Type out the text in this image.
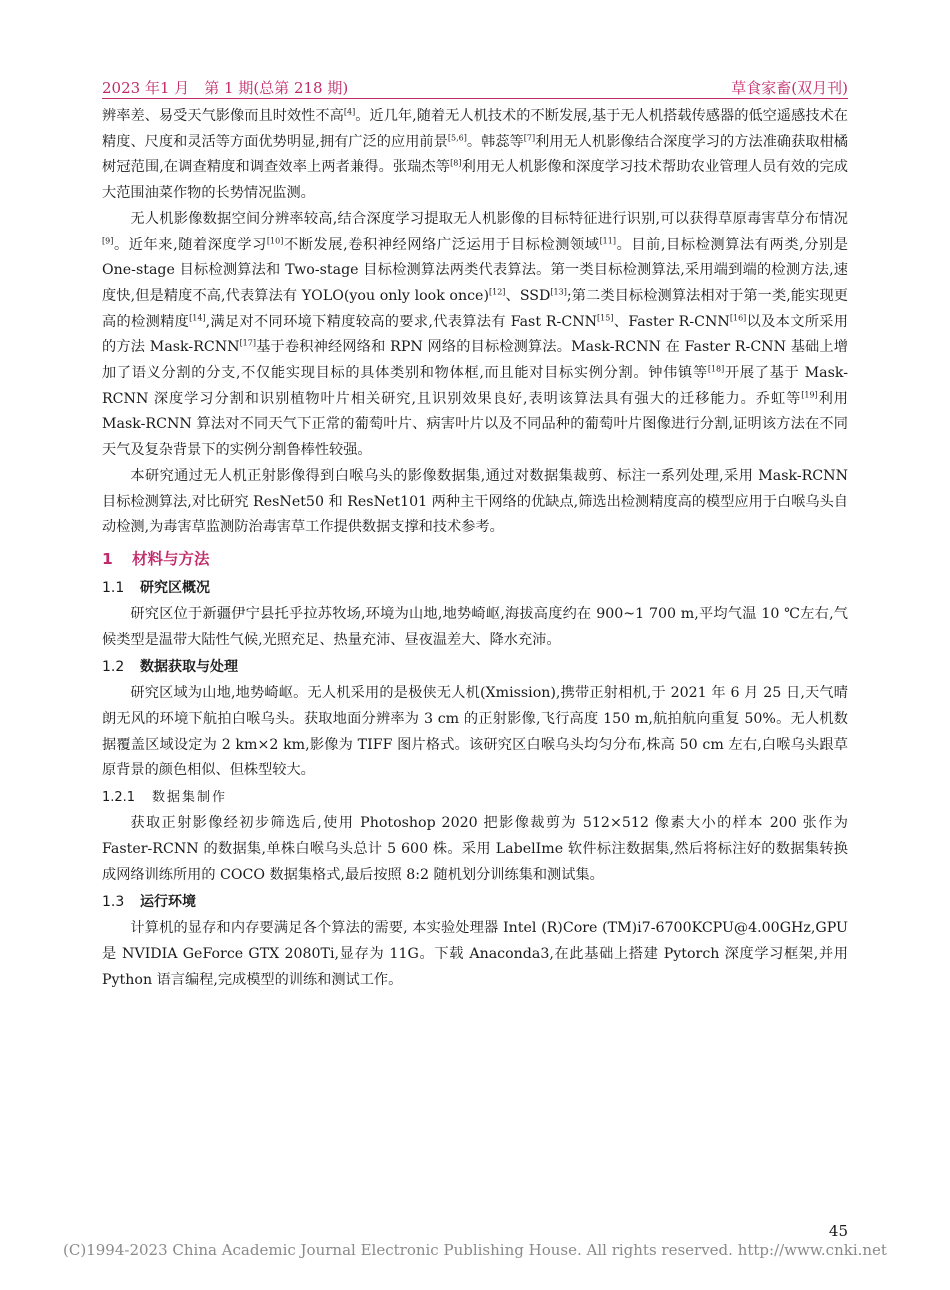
2023 年1 月　第 1 期(总第 218 期)	草食家畜(双月刊)

辨率差、易受天气影像而且时效性不高[4]。近几年,随着无人机技术的不断发展,基于无人机搭载传感器的低空遥感技术在精度、尺度和灵活等方面优势明显,拥有广泛的应用前景[5,6]。韩蕊等[7]利用无人机影像结合深度学习的方法准确获取柑橘树冠范围,在调查精度和调查效率上两者兼得。张瑞杰等[8]利用无人机影像和深度学习技术帮助农业管理人员有效的完成大范围油菜作物的长势情况监测。

无人机影像数据空间分辨率较高,结合深度学习提取无人机影像的目标特征进行识别,可以获得草原毒害草分布情况[9]。近年来,随着深度学习[10]不断发展,卷积神经网络广泛运用于目标检测领域[11]。目前,目标检测算法有两类,分别是 One-stage 目标检测算法和 Two-stage 目标检测算法两类代表算法。第一类目标检测算法,采用端到端的检测方法,速度快,但是精度不高,代表算法有 YOLO(you only look once)[12]、SSD[13];第二类目标检测算法相对于第一类,能实现更高的检测精度[14],满足对不同环境下精度较高的要求,代表算法有 Fast R-CNN[15]、Faster R-CNN[16]以及本文所采用的方法 Mask-RCNN[17]基于卷积神经网络和 RPN 网络的目标检测算法。Mask-RCNN 在 Faster R-CNN 基础上增加了语义分割的分支,不仅能实现目标的具体类别和物体框,而且能对目标实例分割。钟伟镇等[18]开展了基于 Mask-RCNN 深度学习分割和识别植物叶片相关研究,且识别效果良好,表明该算法具有强大的迁移能力。乔虹等[19]利用 Mask-RCNN 算法对不同天气下正常的葡萄叶片、病害叶片以及不同品种的葡萄叶片图像进行分割,证明该方法在不同天气及复杂背景下的实例分割鲁棒性较强。

本研究通过无人机正射影像得到白喉乌头的影像数据集,通过对数据集裁剪、标注一系列处理,采用 Mask-RCNN 目标检测算法,对比研究 ResNet50 和 ResNet101 两种主干网络的优缺点,筛选出检测精度高的模型应用于白喉乌头自动检测,为毒害草监测防治毒害草工作提供数据支撑和技术参考。

1 材料与方法
1.1 研究区概况

研究区位于新疆伊宁县托乎拉苏牧场,环境为山地,地势崎岖,海拔高度约在 900~1 700 m,平均气温 10 ℃左右,气候类型是温带大陆性气候,光照充足、热量充沛、昼夜温差大、降水充沛。

1.2 数据获取与处理

研究区域为山地,地势崎岖。无人机采用的是极侠无人机(Xmission),携带正射相机,于 2021 年 6 月 25 日,天气晴朗无风的环境下航拍白喉乌头。获取地面分辨率为 3 cm 的正射影像,飞行高度 150 m,航拍航向重复 50%。无人机数据覆盖区域设定为 2 km×2 km,影像为 TIFF 图片格式。该研究区白喉乌头均匀分布,株高 50 cm 左右,白喉乌头跟草原背景的颜色相似、但株型较大。

1.2.1 数据集制作

获取正射影像经初步筛选后,使用 Photoshop 2020 把影像裁剪为 512×512 像素大小的样本 200 张作为 Faster-RCNN 的数据集,单株白喉乌头总计 5 600 株。采用 LabelIme 软件标注数据集,然后将标注好的数据集转换成网络训练所用的 COCO 数据集格式,最后按照 8:2 随机划分训练集和测试集。

1.3 运行环境

计算机的显存和内存要满足各个算法的需要, 本实验处理器 Intel (R)Core (TM)i7-6700KCPU@4.00GHz,GPU 是 NVIDIA GeForce GTX 2080Ti,显存为 11G。下载 Anaconda3,在此基础上搭建 Pytorch 深度学习框架,并用 Python 语言编程,完成模型的训练和测试工作。

45
(C)1994-2023 China Academic Journal Electronic Publishing House. All rights reserved. http://www.cnki.net
